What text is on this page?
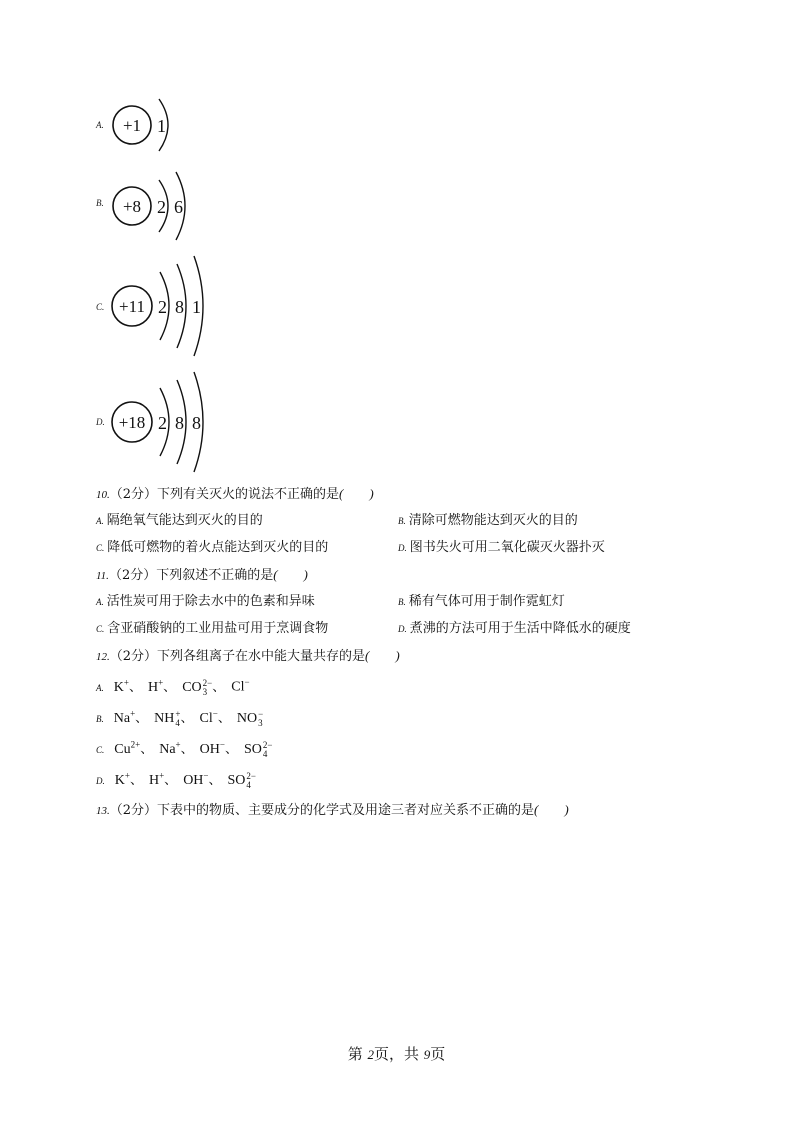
A. +1 1
B. +8 2 6
C. +11 2 8 1
D. +18 2 8 8
10.（2分）下列有关灭火的说法不正确的是(　　)
A. 隔绝氧气能达到灭火的目的	B. 清除可燃物能达到灭火的目的
C. 降低可燃物的着火点能达到灭火的目的	D. 图书失火可用二氧化碳灭火器扑灭
11.（2分）下列叙述不正确的是(　　)
A. 活性炭可用于除去水中的色素和异味	B. 稀有气体可用于制作霓虹灯
C. 含亚硝酸钠的工业用盐可用于烹调食物	D. 煮沸的方法可用于生活中降低水的硬度
12.（2分）下列各组离子在水中能大量共存的是(　　)
A. K+、 H+、 CO 2−
3 、 Cl−
B. Na+、 NH +
4 、 Cl−、 NO −
3
C. $Cu^{2+}$、 Na+、 OH−、 SO 2−
4
D. K+、 H+、 OH−、 SO 2−
4
13.（2分）下表中的物质、主要成分的化学式及用途三者对应关系不正确的是(　　)
第 2页，共 9页
